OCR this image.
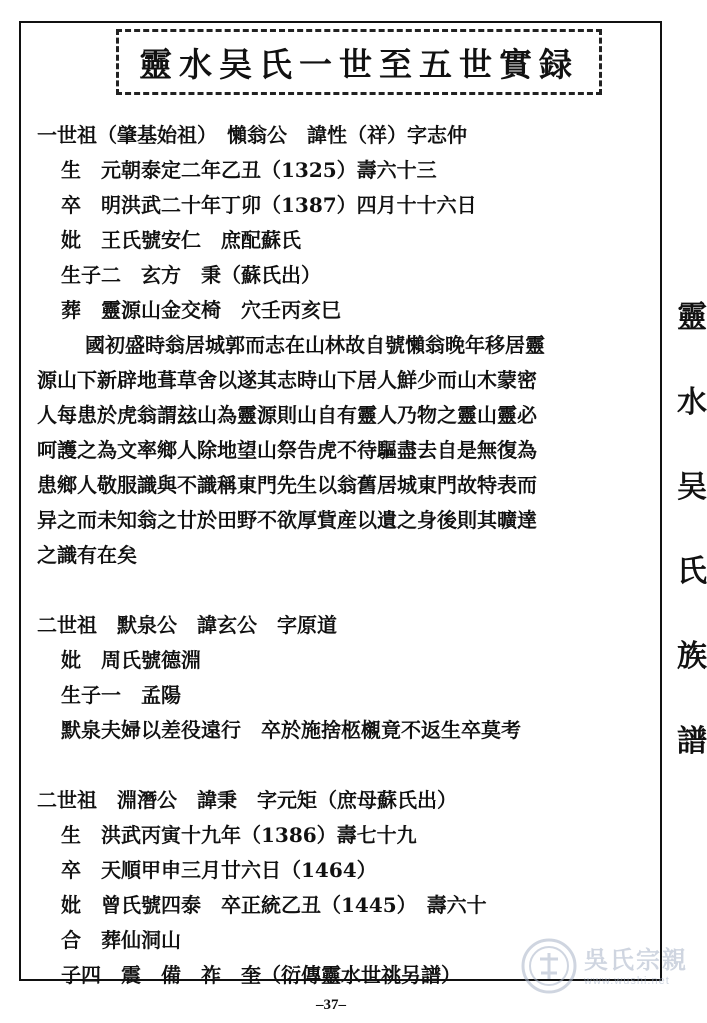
靈水吴氏一世至五世實録
一世祖（肇基始祖）　懶翁公　諱性（祥）字志仲
生　元朝泰定二年乙丑（1325）壽六十三
卒　明洪武二十年丁卯（1387）四月十十六日
妣　王氏號安仁　庶配蘇氏
生子二　玄方　秉（蘇氏出）
葬　靈源山金交椅　穴壬丙亥巳
國初盛時翁居城郭而志在山林故自號懶翁晚年移居靈
源山下新辟地葺草舍以遂其志時山下居人鮮少而山木蒙密
人每患於虎翁謂玆山為靈源則山自有靈人乃物之靈山靈必
呵護之為文率鄉人除地望山祭告虎不待驅盡去自是無復為
患鄉人敬服識與不識稱東門先生以翁舊居城東門故特表而
异之而未知翁之廿於田野不欲厚貲産以遺之身後則其曠達
之識有在矣
二世祖　默泉公　諱玄公　字原道
妣　周氏號德淵
生子一　孟陽
默泉夫婦以差役遠行　卒於施捨柩櫬竟不返生卒莫考
二世祖　淵潛公　諱秉　字元矩（庶母蘇氏出）
生　洪武丙寅十九年（1386）壽七十九
卒　天順甲申三月廿六日（1464）
妣　曾氏號四泰　卒正統乙丑（1445）　壽六十
合　葬仙洞山
子四　震　備　祚　奎（衍傳靈水世祧另譜）
–37–
靈
水
吴
氏
族
譜
吳氏宗親
www.wushi.net
